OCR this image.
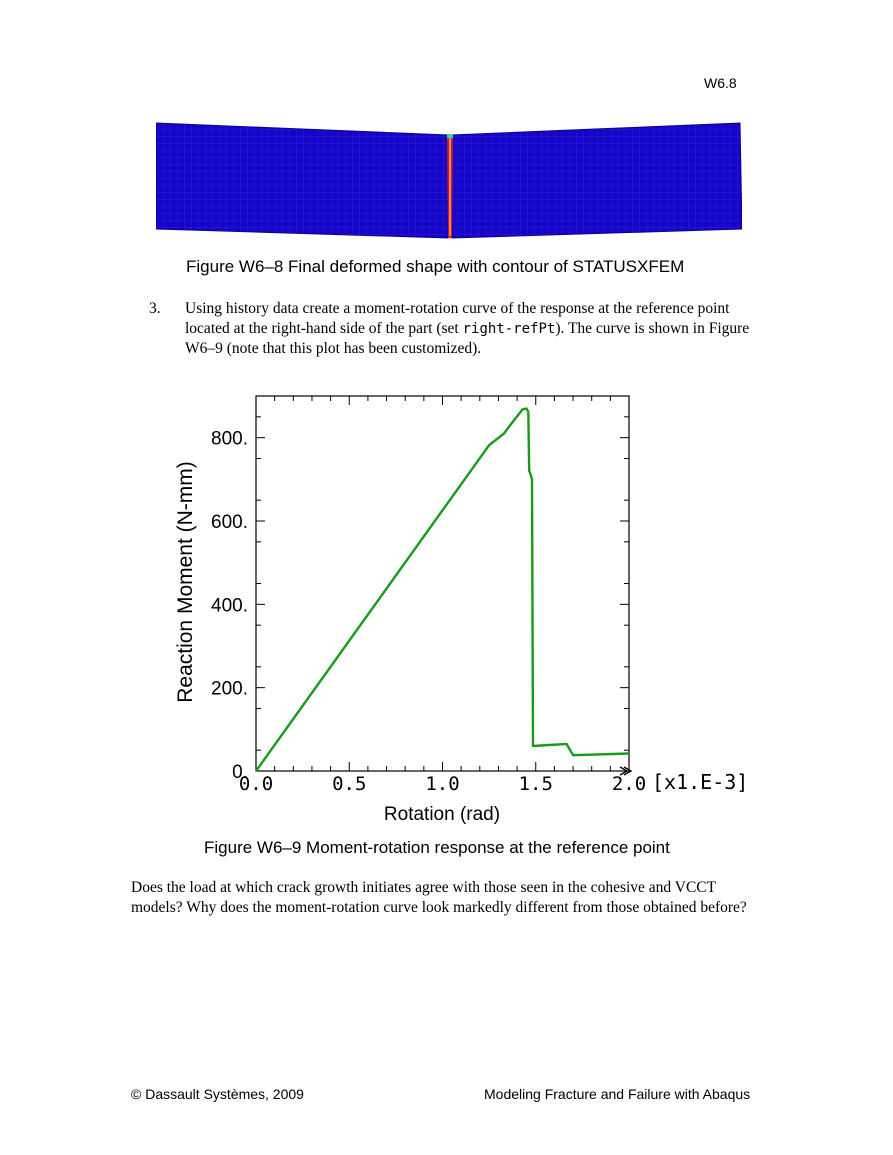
W6.8
Figure W6–8 Final deformed shape with contour of STATUSXFEM
3. Using history data create a moment-rotation curve of the response at the reference point located at the right-hand side of the part (set right-refPt). The curve is shown in Figure W6–9 (note that this plot has been customized).
0.0	0.5	1.0	1.5	2.0
0.
200.
400.
600.
800.
Reaction Moment (N-mm)
Rotation (rad)
[x1.E-3]
Figure W6–9 Moment-rotation response at the reference point
Does the load at which crack growth initiates agree with those seen in the cohesive and VCCT models? Why does the moment-rotation curve look markedly different from those obtained before?
© Dassault Systèmes, 2009	Modeling Fracture and Failure with Abaqus
